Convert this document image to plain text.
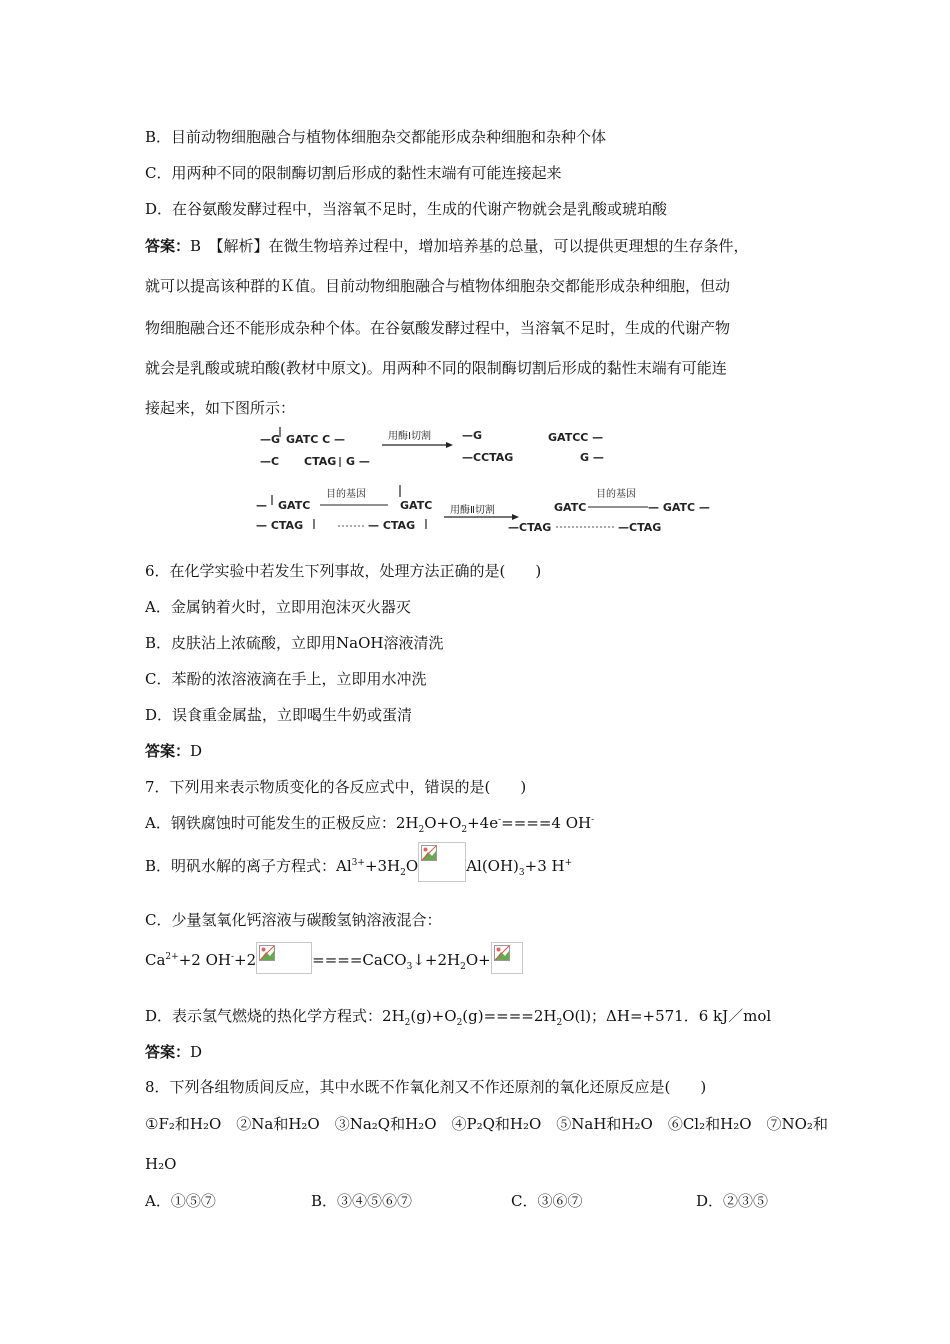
B．目前动物细胞融合与植物体细胞杂交都能形成杂种细胞和杂种个体
C．用两种不同的限制酶切割后形成的黏性末端有可能连接起来
D．在谷氨酸发酵过程中，当溶氧不足时，生成的代谢产物就会是乳酸或琥珀酸
答案：B　【解析】在微生物培养过程中，增加培养基的总量，可以提供更理想的生存条件，
就可以提高该种群的Ｋ值。目前动物细胞融合与植物体细胞杂交都能形成杂种细胞，但动
物细胞融合还不能形成杂种个体。在谷氨酸发酵过程中，当溶氧不足时，生成的代谢产物
就会是乳酸或琥珀酸(教材中原文)。用两种不同的限制酶切割后形成的黏性末端有可能连
接起来，如下图所示：
—G GATC C —
—C CTAG G —
用酶Ⅰ切割	—G
—CCTAG
GATCC —
G —
— GATC
目的基因
GATC
— CTAG	— CTAG
用酶Ⅱ切割	GATC
目的基因
— GATC —
—CTAG	—CTAG
6．在化学实验中若发生下列事故，处理方法正确的是(　　)
A．金属钠着火时，立即用泡沫灭火器灭
B．皮肤沾上浓硫酸，立即用NaOH溶液清洗
C．苯酚的浓溶液滴在手上，立即用水冲洗
D．误食重金属盐，立即喝生牛奶或蛋清
答案：D
7．下列用来表示物质变化的各反应式中，错误的是(　　)
A．钢铁腐蚀时可能发生的正极反应：$2H_2O+O_2+4e^-====4$ OH-
B．明矾水解的离子方程式：$Al^{3+}+3H_2O$	$Al(OH)_3+3$ H+
C．少量氢氧化钙溶液与碳酸氢钠溶液混合：
$Ca^{2+}+2$ OH-+2	$====CaCO_3↓+2H_2O+$
D．表示氢气燃烧的热化学方程式：$2H_2(g)+O_2(g)====2H_2O(l)$；ΔH=+571．6 kJ／mol
答案：D
8．下列各组物质间反应，其中水既不作氧化剂又不作还原剂的氧化还原反应是(　　)
①F₂和H₂O　②Na和H₂O　③Na₂Q和H₂O　④P₂Q和H₂O　⑤NaH和H₂O　⑥Cl₂和H₂O　⑦NO₂和
H₂O
A．①⑤⑦	B．③④⑤⑥⑦	C．③⑥⑦	D．②③⑤
